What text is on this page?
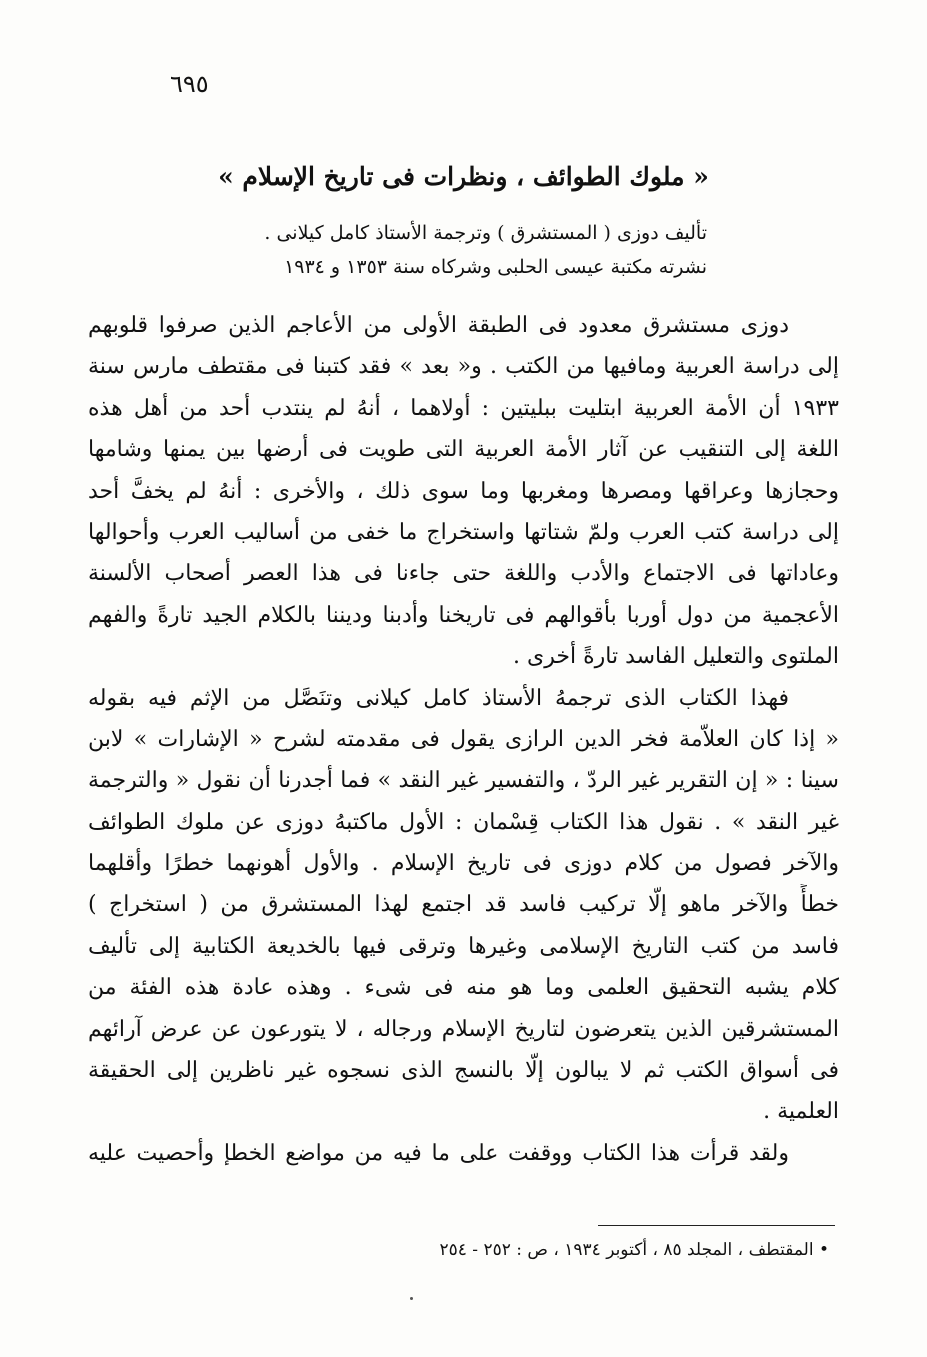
٦٩٥
« ملوك الطوائف ، ونظرات فى تاريخ الإسلام »
تأليف دوزى ( المستشرق ) وترجمة الأستاذ كامل كيلانى .
نشرته مكتبة عيسى الحلبى وشركاه سنة ١٣٥٣ و ١٩٣٤

دوزى مستشرق معدود فى الطبقة الأولى من الأعاجم الذين صرفوا قلوبهم
إلى دراسة العربية ومافيها من الكتب . و« بعد » فقد كتبنا فى مقتطف مارس سنة
١٩٣٣ أن الأمة العربية ابتليت ببليتين : أولاهما ، أنهُ لم ينتدب أحد من أهل هذه
اللغة إلى التنقيب عن آثار الأمة العربية التى طويت فى أرضها بين يمنها وشامها
وحجازها وعراقها ومصرها ومغربها وما سوى ذلك ، والأخرى : أنهُ لم يخفَّ أحد
إلى دراسة كتب العرب ولمّ شتاتها واستخراج ما خفى من أساليب العرب وأحوالها
وعاداتها فى الاجتماع والأدب واللغة حتى جاءنا فى هذا العصر أصحاب الألسنة
الأعجمية من دول أوربا بأقوالهم فى تاريخنا وأدبنا وديننا بالكلام الجيد تارةً والفهم
الملتوى والتعليل الفاسد تارةً أخرى .

فهذا الكتاب الذى ترجمهُ الأستاذ كامل كيلانى وتنَصَّل من الإثم فيه بقوله
« إذا كان العلاّمة فخر الدين الرازى يقول فى مقدمته لشرح « الإشارات » لابن
سينا : « إن التقرير غير الردّ ، والتفسير غير النقد » فما أجدرنا أن نقول « والترجمة
غير النقد » . نقول هذا الكتاب قِسْمان : الأول ماكتبهُ دوزى عن ملوك الطوائف
والآخر فصول من كلام دوزى فى تاريخ الإسلام . والأول أهونهما خطرًا وأقلهما
خطأً والآخر ماهو إلّا تركيب فاسد قد اجتمع لهذا المستشرق من ( استخراج )
فاسد من كتب التاريخ الإسلامى وغيرها وترقى فيها بالخديعة الكتابية إلى تأليف
كلام يشبه التحقيق العلمى وما هو منه فى شىء . وهذه عادة هذه الفئة من
المستشرقين الذين يتعرضون لتاريخ الإسلام ورجاله ، لا يتورعون عن عرض آرائهم
فى أسواق الكتب ثم لا يبالون إلّا بالنسج الذى نسجوه غير ناظرين إلى الحقيقة
العلمية .

ولقد قرأت هذا الكتاب ووقفت على ما فيه من مواضع الخطإ وأحصيت عليه

• المقتطف ، المجلد ٨٥ ، أكتوبر ١٩٣٤ ، ص : ٢٥٢ - ٢٥٤
